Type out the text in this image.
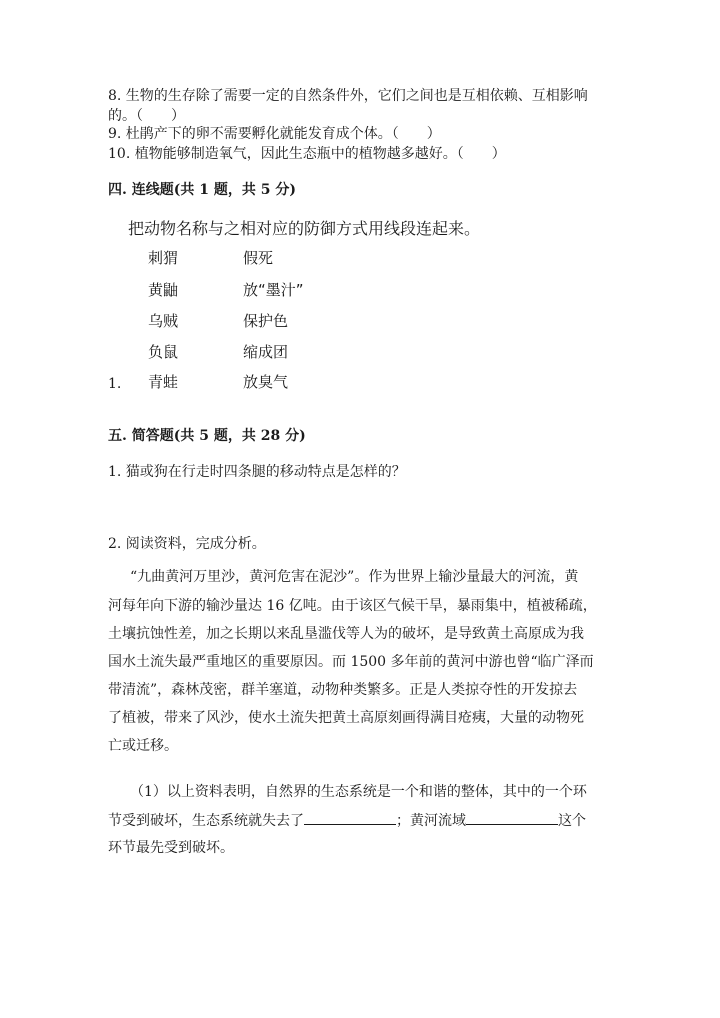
8. 生物的生存除了需要一定的自然条件外，它们之间也是互相依赖、互相影响
的。（　　）
9. 杜鹃产下的卵不需要孵化就能发育成个体。（　　）
10. 植物能够制造氧气，因此生态瓶中的植物越多越好。（　　）
四. 连线题(共 1 题，共 5 分)
把动物名称与之相对应的防御方式用线段连起来。
刺猬	假死
黄鼬	放“墨汁”
乌贼	保护色
负鼠	缩成团
1. 青蛙	放臭气
五. 简答题(共 5 题，共 28 分)
1. 猫或狗在行走时四条腿的移动特点是怎样的？
2. 阅读资料，完成分析。
“九曲黄河万里沙，黄河危害在泥沙”。作为世界上输沙量最大的河流，黄
河每年向下游的输沙量达 16 亿吨。由于该区气候干旱，暴雨集中，植被稀疏，
土壤抗蚀性差，加之长期以来乱垦滥伐等人为的破坏，是导致黄土高原成为我
国水土流失最严重地区的重要原因。而 1500 多年前的黄河中游也曾“临广泽而
带清流”，森林茂密，群羊塞道，动物种类繁多。正是人类掠夺性的开发掠去
了植被，带来了风沙，使水土流失把黄土高原刻画得满目疮痍，大量的动物死
亡或迁移。
（1）以上资料表明，自然界的生态系统是一个和谐的整体，其中的一个环
节受到破坏，生态系统就失去了	；黄河流域	这个
环节最先受到破坏。
